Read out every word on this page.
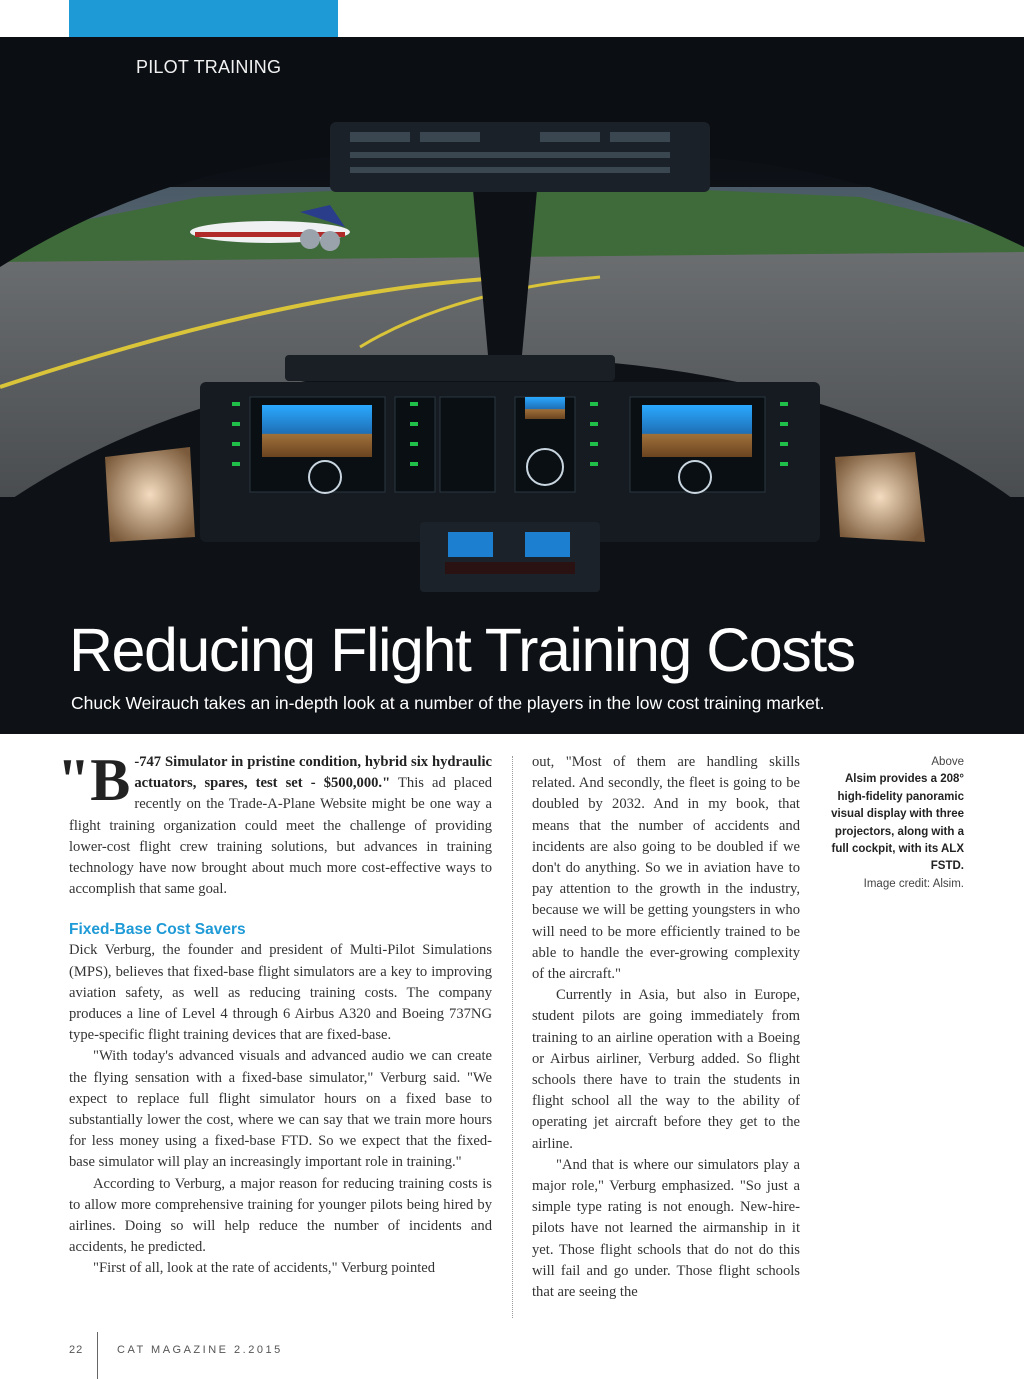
PILOT TRAINING
Reducing Flight Training Costs
Chuck Weirauch takes an in-depth look at a number of the players in the low cost training market.

"B -747 Simulator in pristine condition, hybrid six hydraulic actuators, spares, test set - $500,000." This ad placed recently on the Trade-A-Plane Website might be one way a flight training organization could meet the challenge of providing lower-cost flight crew training solutions, but advances in training technology have now brought about much more cost-effective ways to accomplish that same goal.

Fixed-Base Cost Savers

Dick Verburg, the founder and president of Multi-Pilot Simulations (MPS), believes that fixed-base flight simulators are a key to improving aviation safety, as well as reducing training costs. The company produces a line of Level 4 through 6 Airbus A320 and Boeing 737NG type-specific flight training devices that are fixed-base.

"With today's advanced visuals and advanced audio we can create the flying sensation with a fixed-base simulator," Verburg said. "We expect to replace full flight simulator hours on a fixed base to substantially lower the cost, where we can say that we train more hours for less money using a fixed-base FTD. So we expect that the fixed-base simulator will play an increasingly important role in training."

According to Verburg, a major reason for reducing training costs is to allow more comprehensive training for younger pilots being hired by airlines. Doing so will help reduce the number of incidents and accidents, he predicted.

"First of all, look at the rate of accidents," Verburg pointed

out, "Most of them are handling skills related. And secondly, the fleet is going to be doubled by 2032. And in my book, that means that the number of accidents and incidents are also going to be doubled if we don't do anything. So we in aviation have to pay attention to the growth in the industry, because we will be getting youngsters in who will need to be more efficiently trained to be able to handle the ever-growing complexity of the aircraft."

Currently in Asia, but also in Europe, student pilots are going immediately from training to an airline operation with a Boeing or Airbus airliner, Verburg added. So flight schools there have to train the students in flight school all the way to the ability of operating jet aircraft before they get to the airline.

"And that is where our simulators play a major role," Verburg emphasized. "So just a simple type rating is not enough. New-hire-pilots have not learned the airmanship in it yet. Those flight schools that do not do this will fail and go under. Those flight schools that are seeing the

Above
Alsim provides a 208° high-fidelity panoramic visual display with three projectors, along with a full cockpit, with its ALX FSTD.
Image credit: Alsim.
22	CAT MAGAZINE 2.2015
